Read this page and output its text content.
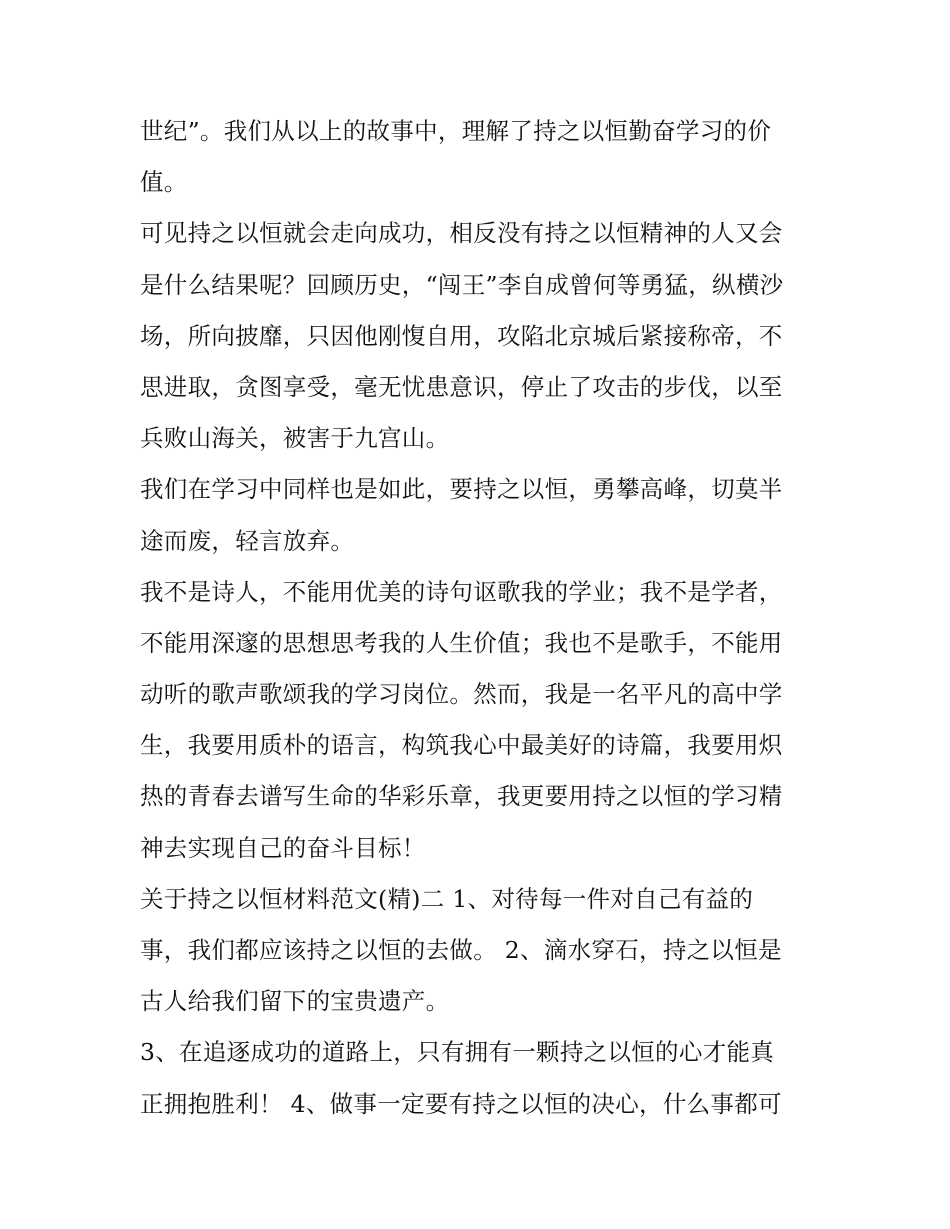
世纪”。我们从以上的故事中，理解了持之以恒勤奋学习的价
值。
可见持之以恒就会走向成功，相反没有持之以恒精神的人又会
是什么结果呢？回顾历史，“闯王”李自成曾何等勇猛，纵横沙
场，所向披靡，只因他刚愎自用，攻陷北京城后紧接称帝，不
思进取，贪图享受，毫无忧患意识，停止了攻击的步伐，以至
兵败山海关，被害于九宫山。
我们在学习中同样也是如此，要持之以恒，勇攀高峰，切莫半
途而废，轻言放弃。
我不是诗人，不能用优美的诗句讴歌我的学业；我不是学者，
不能用深邃的思想思考我的人生价值；我也不是歌手，不能用
动听的歌声歌颂我的学习岗位。然而，我是一名平凡的高中学
生，我要用质朴的语言，构筑我心中最美好的诗篇，我要用炽
热的青春去谱写生命的华彩乐章，我更要用持之以恒的学习精
神去实现自己的奋斗目标！
关于持之以恒材料范文(精)二 1、对待每一件对自己有益的
事，我们都应该持之以恒的去做。 2、滴水穿石，持之以恒是
古人给我们留下的宝贵遗产。
3、在追逐成功的道路上，只有拥有一颗持之以恒的心才能真
正拥抱胜利！ 4、做事一定要有持之以恒的决心，什么事都可
